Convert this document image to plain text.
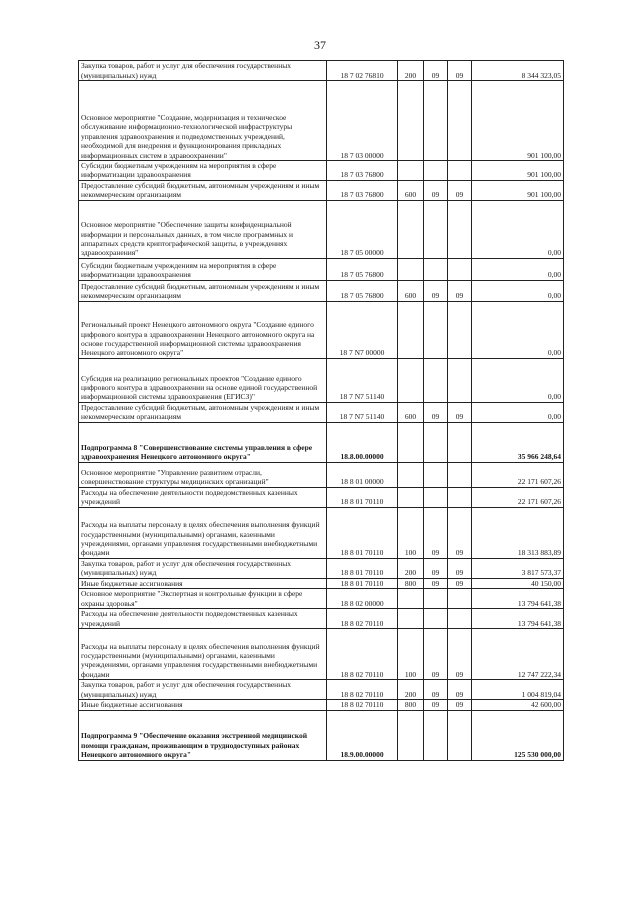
37
Закупка товаров, работ и услуг для обеспечения государственных (муниципальных) нужд	18 7 02 76810	200	09	09	8 344 323,05
Основное мероприятие "Создание, модернизация и техническое обслуживание информационно-технологической инфраструктуры управления здравоохранения и подведомственных учреждений, необходимой для внедрения и функционирования прикладных информационных систем в здравоохранении"	18 7 03 00000				901 100,00
Субсидии бюджетным учреждениям на мероприятия в сфере информатизации здравоохранения	18 7 03 76800				901 100,00
Предоставление субсидий бюджетным, автономным учреждениям и иным некоммерческим организациям	18 7 03 76800	600	09	09	901 100,00
Основное мероприятие "Обеспечение защиты конфиденциальной информации и персональных данных, в том числе программных и аппаратных средств криптографической защиты, в учреждениях здравоохранения"	18 7 05 00000				0,00
Субсидии бюджетным учреждениям на мероприятия в сфере информатизации здравоохранения	18 7 05 76800				0,00
Предоставление субсидий бюджетным, автономным учреждениям и иным некоммерческим организациям	18 7 05 76800	600	09	09	0,00
Региональный проект Ненецкого автономного округа "Создание единого цифрового контура в здравоохранении Ненецкого автономного округа на основе государственной информационной системы здравоохранения Ненецкого автономного округа"	18 7 N7 00000				0,00
Субсидия на реализацию региональных проектов "Создание единого цифрового контура в здравоохранении на основе единой государственной информационной системы здравоохранения (ЕГИСЗ)"	18 7 N7 51140				0,00
Предоставление субсидий бюджетным, автономным учреждениям и иным некоммерческим организациям	18 7 N7 51140	600	09	09	0,00
Подпрограмма 8 "Совершенствование системы управления в сфере здравоохранения Ненецкого автономного округа"	18.8.00.00000				35 966 248,64
Основное мероприятие "Управление развитием отрасли, совершенствование структуры медицинских организаций"	18 8 01 00000				22 171 607,26
Расходы на обеспечение деятельности подведомственных казенных учреждений	18 8 01 70110				22 171 607,26
Расходы на выплаты персоналу в целях обеспечения выполнения функций государственными (муниципальными) органами, казенными учреждениями, органами управления государственными внебюджетными фондами	18 8 01 70110	100	09	09	18 313 883,89
Закупка товаров, работ и услуг для обеспечения государственных (муниципальных) нужд	18 8 01 70110	200	09	09	3 817 573,37
Иные бюджетные ассигнования	18 8 01 70110	800	09	09	40 150,00
Основное мероприятие "Экспертная и контрольные функции в сфере охраны здоровья"	18 8 02 00000				13 794 641,38
Расходы на обеспечение деятельности подведомственных казенных учреждений	18 8 02 70110				13 794 641,38
Расходы на выплаты персоналу в целях обеспечения выполнения функций государственными (муниципальными) органами, казенными учреждениями, органами управления государственными внебюджетными фондами	18 8 02 70110	100	09	09	12 747 222,34
Закупка товаров, работ и услуг для обеспечения государственных (муниципальных) нужд	18 8 02 70110	200	09	09	1 004 819,04
Иные бюджетные ассигнования	18 8 02 70110	800	09	09	42 600,00
Подпрограмма 9 "Обеспечение оказания экстренной медицинской помощи гражданам, проживающим в труднодоступных районах Ненецкого автономного округа"	18.9.00.00000				125 530 000,00
